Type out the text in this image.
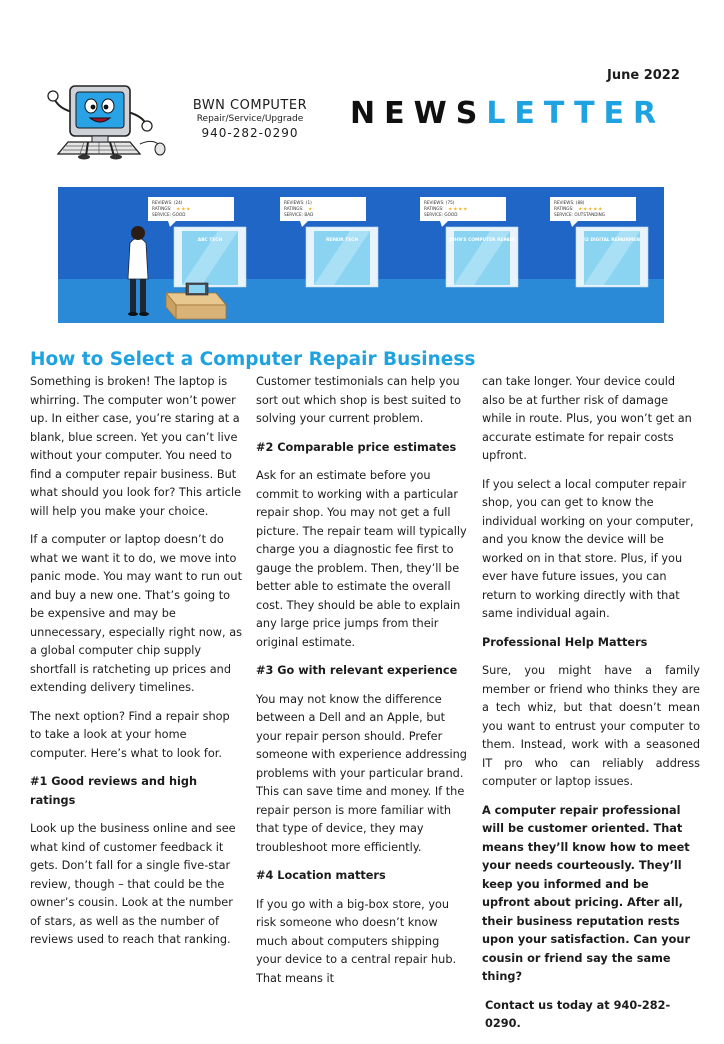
June 2022
BWN COMPUTER
Repair/Service/Upgrade
940-282-0290
NEWSLETTER
REVIEWS: (24)
RATINGS: ★ ★ ★
SERVICE: GOOD
ABC TECH
REVIEWS: (1)
RATINGS: ★
SERVICE: BAD
REPAIR TECH
REVIEWS: (75)
RATINGS: ★ ★ ★ ★
SERVICE: GOOD
JOHN'S COMPUTER REPAIR
REVIEWS: (88)
RATINGS: ★ ★ ★ ★ ★
SERVICE: OUTSTANDING
I2 DIGITAL REPAIRMEN
How to Select a Computer Repair Business

Something is broken! The laptop is whirring. The computer won’t power up. In either case, you’re staring at a blank, blue screen. Yet you can’t live without your computer. You need to find a computer repair business. But what should you look for? This article will help you make your choice.

If a computer or laptop doesn’t do what we want it to do, we move into panic mode. You may want to run out and buy a new one. That’s going to be expensive and may be unnecessary, especially right now, as a global computer chip supply shortfall is ratcheting up prices and extending delivery timelines.

The next option? Find a repair shop to take a look at your home computer. Here’s what to look for.

#1 Good reviews and high ratings

Look up the business online and see what kind of customer feedback it gets. Don’t fall for a single five-star review, though – that could be the owner’s cousin. Look at the number of stars, as well as the number of reviews used to reach that ranking.

Customer testimonials can help you sort out which shop is best suited to solving your current problem.

#2 Comparable price estimates

Ask for an estimate before you commit to working with a particular repair shop. You may not get a full picture. The repair team will typically charge you a diagnostic fee first to gauge the problem. Then, they’ll be better able to estimate the overall cost. They should be able to explain any large price jumps from their original estimate.

#3 Go with relevant experience

You may not know the difference between a Dell and an Apple, but your repair person should. Prefer someone with experience addressing problems with your particular brand. This can save time and money. If the repair person is more familiar with that type of device, they may troubleshoot more efficiently.

#4 Location matters

If you go with a big-box store, you risk someone who doesn’t know much about computers shipping your device to a central repair hub. That means it

can take longer. Your device could also be at further risk of damage while in route. Plus, you won’t get an accurate estimate for repair costs upfront.

If you select a local computer repair shop, you can get to know the individual working on your computer, and you know the device will be worked on in that store. Plus, if you ever have future issues, you can return to working directly with that same individual again.

Professional Help Matters

Sure, you might have a family member or friend who thinks they are a tech whiz, but that doesn’t mean you want to entrust your computer to them. Instead, work with a seasoned IT pro who can reliably address computer or laptop issues.

A computer repair professional will be customer oriented. That means they’ll know how to meet your needs courteously. They’ll keep you informed and be upfront about pricing. After all, their business reputation rests upon your satisfaction. Can your cousin or friend say the same thing?

Contact us today at 940-282-0290.
